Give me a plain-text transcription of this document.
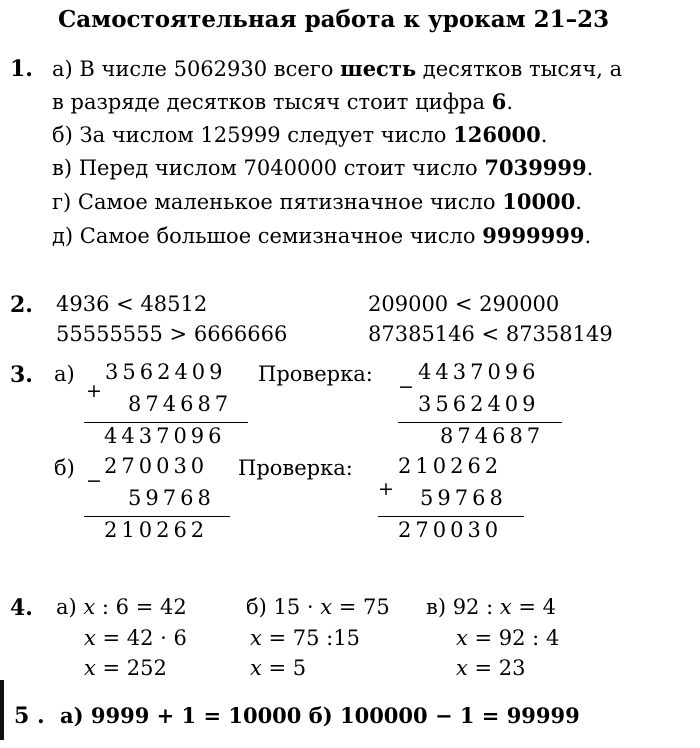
Самостоятельная работа к урокам 21–23
1. а) В числе 5062930 всего шесть десятков тысяч, а
в разряде десятков тысяч стоит цифра 6.
б) За числом 125999 следует число 126000.
в) Перед числом 7040000 стоит число 7039999.
г) Самое маленькое пятизначное число 10000.
д) Самое большое семизначное число 9999999.
2. 4936 < 48512
55555555 > 6666666
209000 < 290000
87385146 < 87358149
3. а)
+
3562409 Проверка:
874687
4437096
−
4437096
3562409
874687
б)
−
270030 Проверка:
59768
210262
+
210262
59768
270030
4. а) x : 6 = 42
x = 42 · 6
x = 252
б) 15 · x = 75
x = 75 :15
x = 5
в) 92 : x = 4
x = 92 : 4
x = 23
5 . а) 9999 + 1 = 10000 б) 100000 − 1 = 99999
